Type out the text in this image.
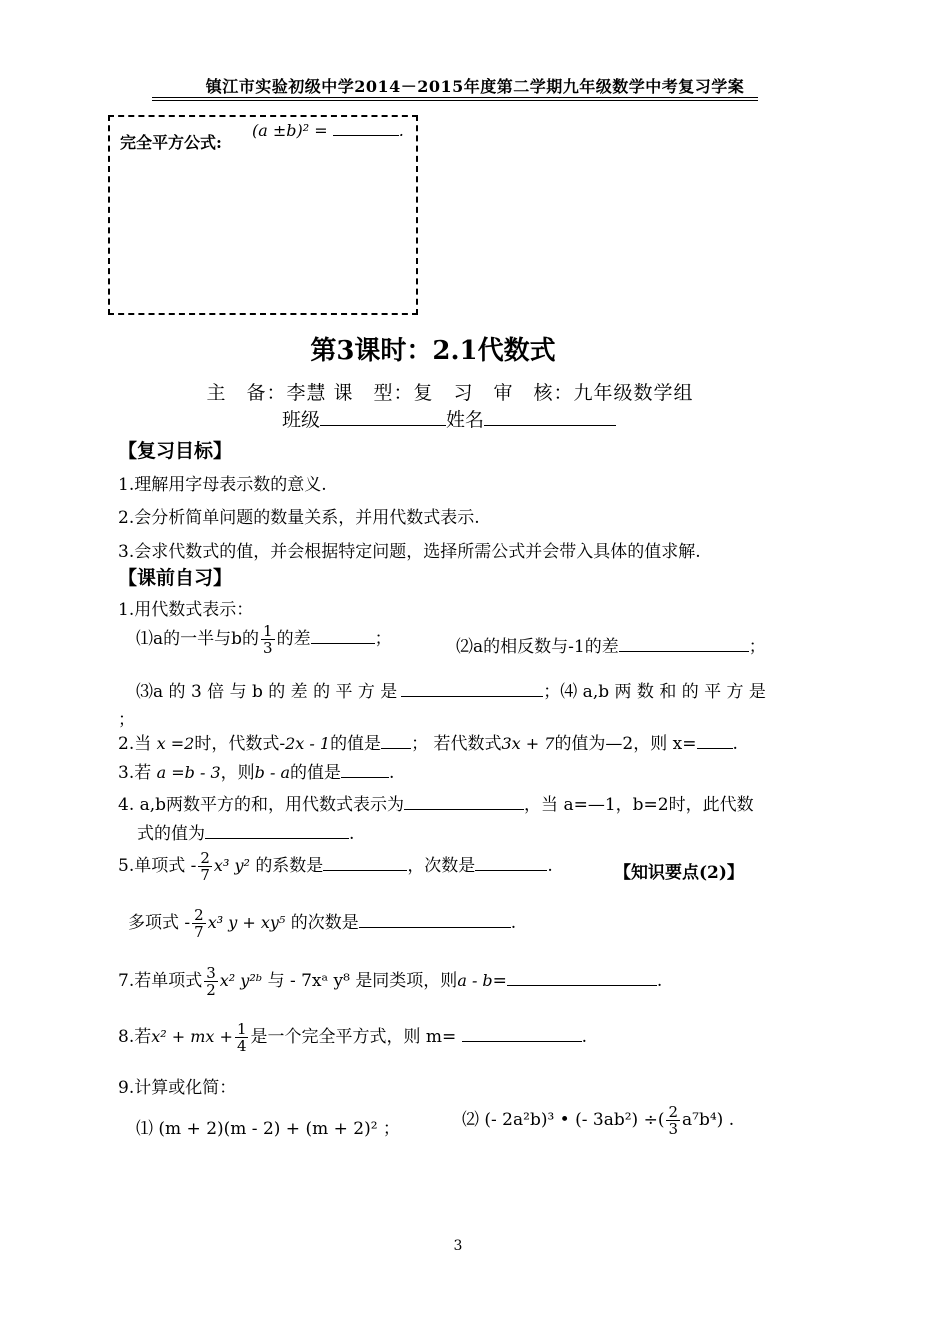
镇江市实验初级中学2014－2015年度第二学期九年级数学中考复习学案
完全平方公式:
(a ±b)² =	.
第3课时：2.1代数式
主　备：李慧 课　型：复　习　审　核：九年级数学组
班级	姓名
【复习目标】
1.理解用字母表示数的意义.
2.会分析简单问题的数量关系，并用代数式表示.
3.会求代数式的值，并会根据特定问题，选择所需公式并会带入具体的值求解.
【课前自习】
1.用代数式表示：
⑴a的一半与b的 $\frac{1}{3}$ 的差	；	⑵a的相反数与-1的差	；
⑶a 的 3 倍 与 b 的 差 的 平 方 是	；⑷ a,b 两 数 和 的 平 方 是
；
2.当 x =2时，代数式-2x - 1的值是 ； 若代数式3x + 7的值为—2，则 x= .
3.若 a =b - 3，则b - a的值是	.
4. a,b两数平方的和，用代数式表示为	，当 a=—1，b=2时，此代数
式的值为	.
5.单项式 - $\frac{2}{7} x^3$ y² 的系数是	，次数是	.	【知识要点(2)】
多项式 - $\frac{2}{7} x^3$ y + xy⁵ 的次数是	.
7.若单项式 $\frac{3}{2} x^2$ y²ᵇ 与 - 7xᵃ y⁸ 是同类项，则a - b=	.
8.若x² + mx + $\frac{1}{4}$ 是一个完全平方式，则 m=	.
9.计算或化简：
⑴ (m + 2)(m - 2) + (m + 2)² ；	⑵ (- 2a²b)³ • (- 3ab²) ÷( $\frac{2}{3} a^7b^4$) .
3
